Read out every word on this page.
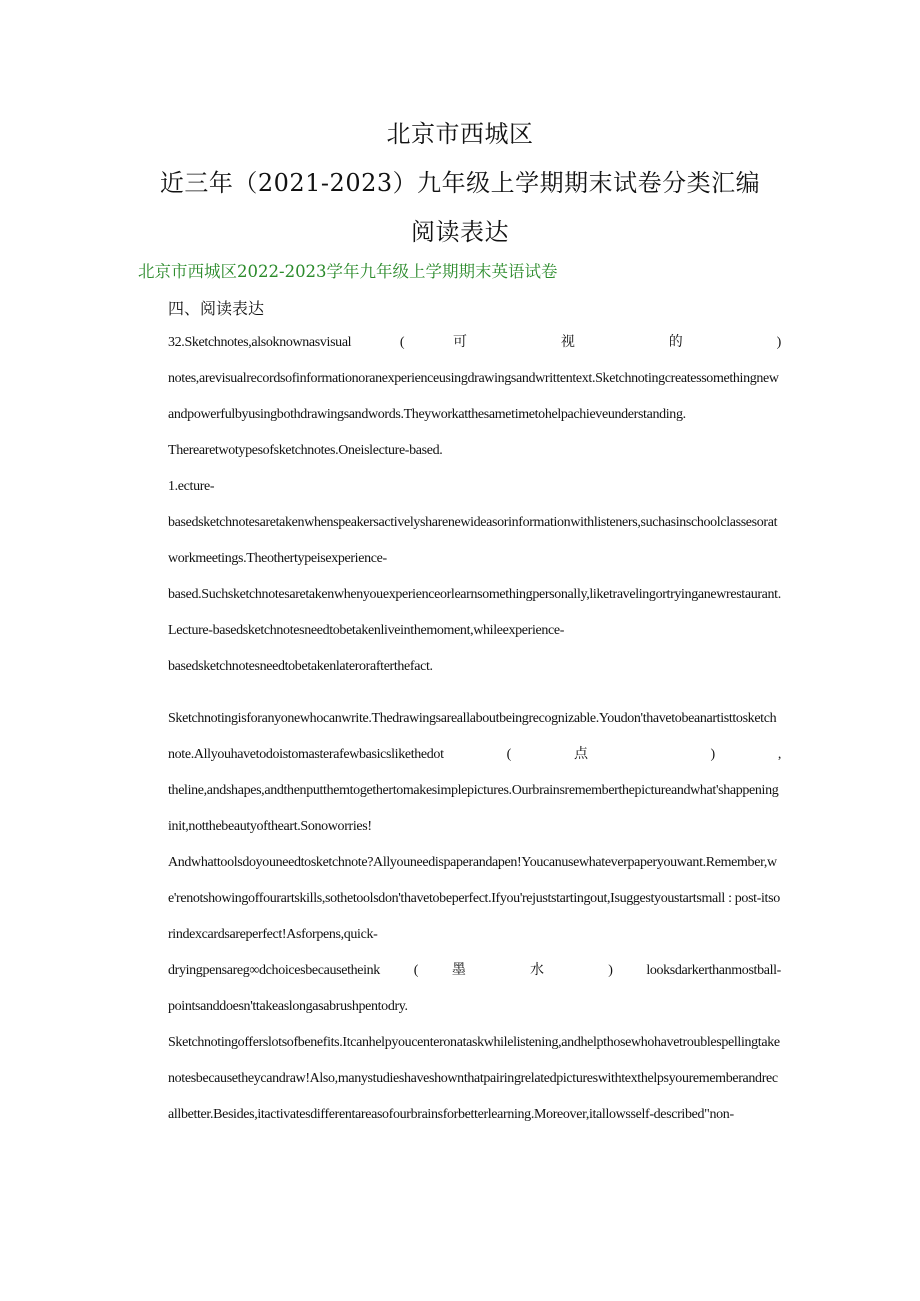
北京市西城区
近三年（2021-2023）九年级上学期期末试卷分类汇编
阅读表达
北京市西城区2022-2023学年九年级上学期期末英语试卷
四、阅读表达

32.Sketchnotes,alsoknownasvisual ( 可 视 的 )

notes,arevisualrecordsofinformationoranexperienceusingdrawingsandwrittentext.Sketchnotingcreatessomethingnewandpowerfulbyusingbothdrawingsandwords.Theyworkatthesametimetohelpachieveunderstanding.

Therearetwotypesofsketchnotes.Oneislecture-based.

1.ecture-

basedsketchnotesaretakenwhenspeakersactivelysharenewideasorinformationwithlisteners,suchasinschoolclassesoratworkmeetings.Theothertypeisexperience-

based.Suchsketchnotesaretakenwhenyouexperienceorlearnsomethingpersonally,liketravelingortryinganewrestaurant.Lecture-basedsketchnotesneedtobetakenliveinthemoment,whileexperience-

basedsketchnotesneedtobetakenlaterorafterthefact.

Sketchnotingisforanyonewhocanwrite.Thedrawingsareallaboutbeingrecognizable.Youdon'thavetobeanartisttosketchnote.Allyouhavetodoistomasterafewbasicslikethedot ( 点 ) ,

theline,andshapes,andthenputthemtogethertomakesimplepictures.Ourbrainsrememberthepictureandwhat'shappeninginit,notthebeautyoftheart.Sonoworries!

Andwhattoolsdoyouneedtosketchnote?Allyouneedispaperandapen!Youcanusewhateverpaperyouwant.Remember,we'renotshowingoffourartskills,sothetoolsdon'thavetobeperfect.Ifyou'rejuststartingout,Isuggestyoustartsmall : post-itsorindexcardsareperfect!Asforpens,quick-

dryingpensareg∞dchoicesbecausetheink ( 墨 水 ) looksdarkerthanmostball-

pointsanddoesn'ttakeaslongasabrushpentodry.

Sketchnotingofferslotsofbenefits.Itcanhelpyoucenteronataskwhilelistening,andhelpthosewhohavetroublespellingtakenotesbecausetheycandraw!Also,manystudieshaveshownthatpairingrelatedpictureswithtexthelpsyourememberandrecallbetter.Besides,itactivatesdifferentareasofourbrainsforbetterlearning.Moreover,itallowsself-described"non-
